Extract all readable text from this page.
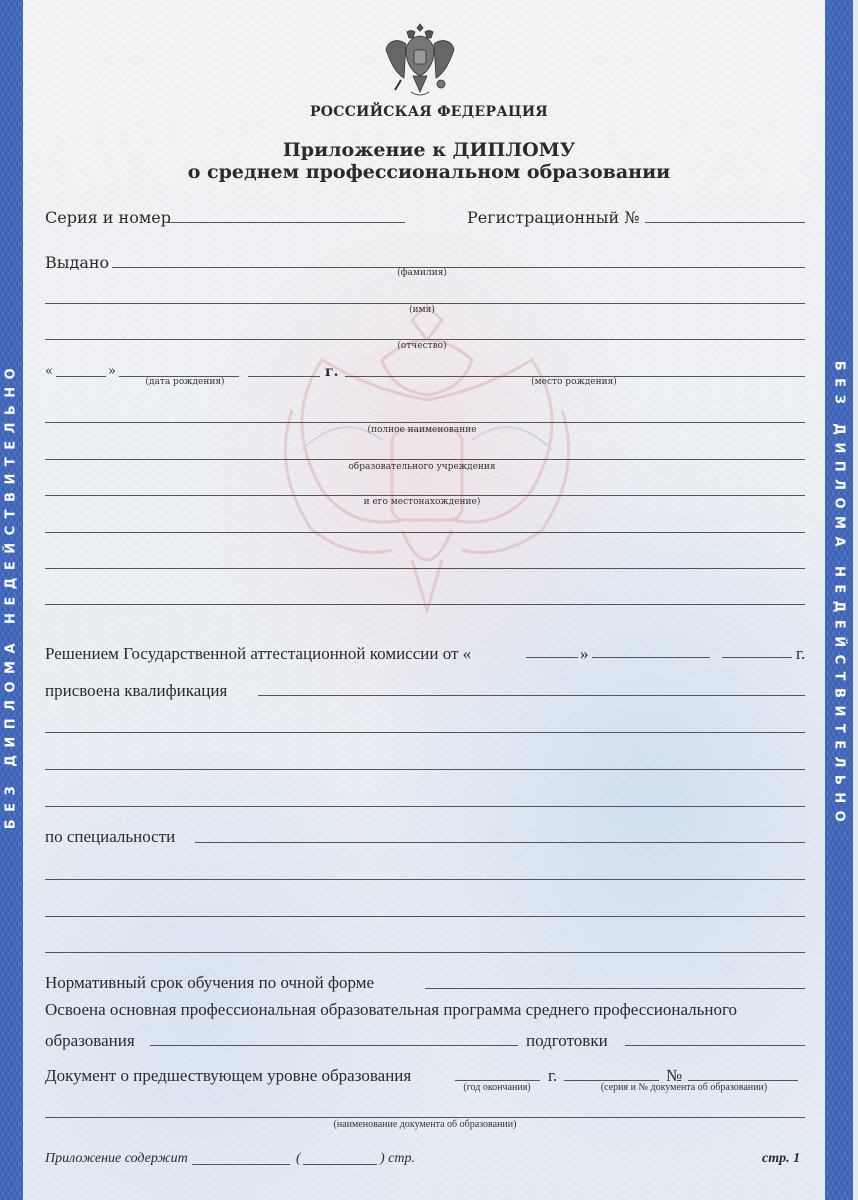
БЕЗ ДИПЛОМА НЕДЕЙСТВИТЕЛЬНО	БЕЗ ДИПЛОМА НЕДЕЙСТВИТЕЛЬНО
РОССИЙСКАЯ ФЕДЕРАЦИЯ
Приложение к ДИПЛОМУ
о среднем профессиональном образовании
Серия и номер	Регистрационный №
Выдано
(фамилия)
(имя)
(отчество)
«	»
(дата рождения)
г.
(место рождения)
(полное наименование
образовательного учреждения
и его местонахождение)
Решением Государственной аттестационной комиссии от «	»	г.
присвоена квалификация
по специальности
Нормативный срок обучения по очной форме
Освоена основная профессиональная образовательная программа среднего профессионального
образования	подготовки
Документ о предшествующем уровне образования
(год окончания)
г.	№
(серия и № документа об образовании)
(наименование документа об образовании)
Приложение содержит	(	) стр.	стр. 1
